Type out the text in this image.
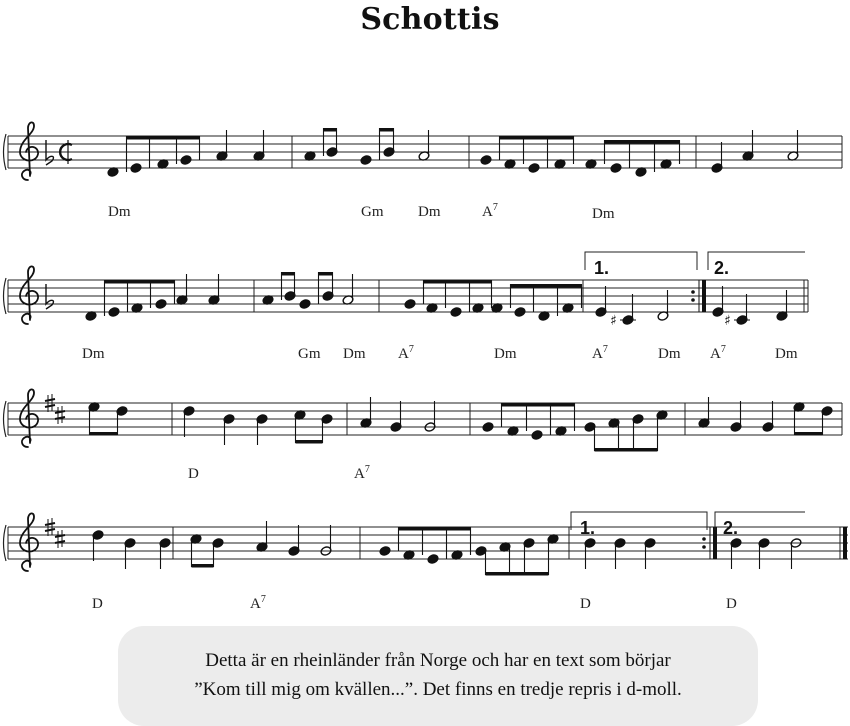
Schottis
♯	♯
Dm	Gm Dm	$A^7$	Dm
Dm	Gm Dm $A^7$	Dm	$A^7$	Dm $A^7$	Dm
D	$A^7$
D	$A^7$	D	D
1.	2.
1.	2.
Detta är en rheinländer från Norge och har en text som börjar
”Kom till mig om kvällen...”. Det finns en tredje repris i d-moll.
